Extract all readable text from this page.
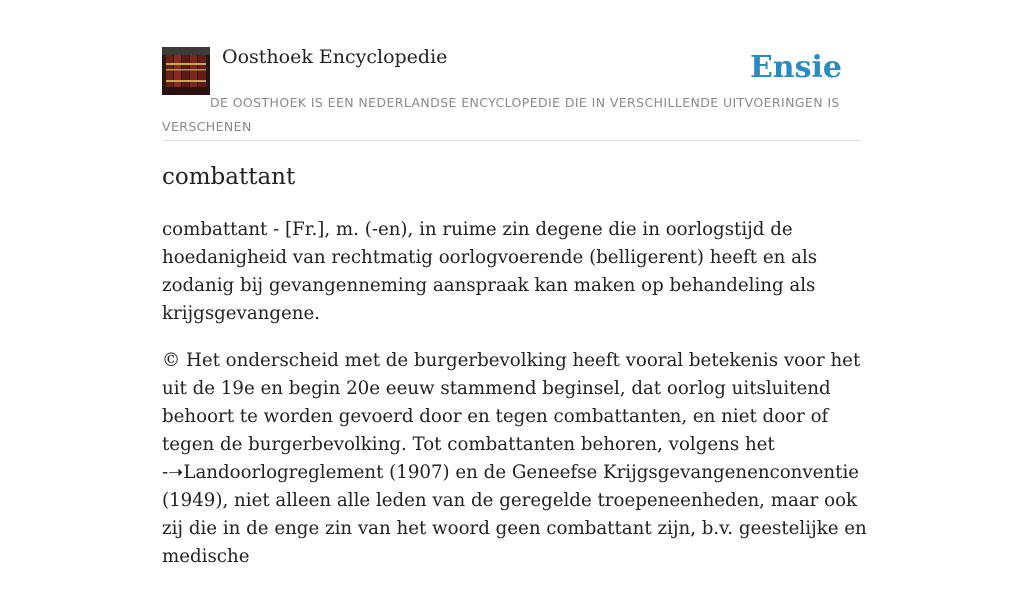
Oosthoek Encyclopedie	Ensie
DE OOSTHOEK IS EEN NEDERLANDSE ENCYCLOPEDIE DIE IN VERSCHILLENDE UITVOERINGEN IS VERSCHENEN
combattant

combattant - [Fr.], m. (-en), in ruime zin degene die in oorlogstijd de hoedanigheid van rechtmatig oorlogvoerende (belligerent) heeft en als zodanig bij gevangenneming aanspraak kan maken op behandeling als krijgsgevangene.

© Het onderscheid met de burgerbevolking heeft vooral betekenis voor het uit de 19e en begin 20e eeuw stammend beginsel, dat oorlog uitsluitend behoort te worden gevoerd door en tegen combattanten, en niet door of tegen de burgerbevolking. Tot combattanten behoren, volgens het -➝Landoorlogreglement (1907) en de Geneefse Krijgsgevangenenconventie (1949), niet alleen alle leden van de geregelde troepeneenheden, maar ook zij die in de enge zin van het woord geen combattant zijn, b.v. geestelijke en medische
